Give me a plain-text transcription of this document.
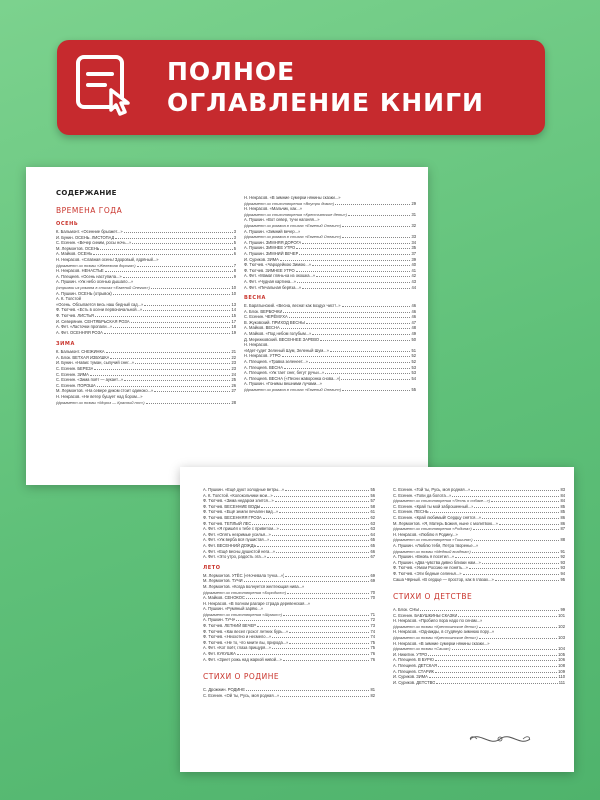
ПОЛНОЕ
ОГЛАВЛЕНИЕ КНИГИ
СОДЕРЖАНИЕ
ВРЕМЕНА ГОДА
ОСЕНЬ
К. Бальмонт. «Осенние брызжет...»	3
И. Бунин. ОСЕНЬ. ЛИСТОПАД	3
С. Есенин. «Вечер синим, росы ночь...»	5
М. Лермонтов. ОСЕНЬ	5
А. Майков. ОСЕНЬ	6
Н. Некрасов. «Славная осень! Здоровый, ядрёный...»
(фрагмент из поэмы «Железная дорога»)	7
Н. Некрасов. НЕНАСТЬЕ	8
А. Плещеев. «Осень наступила...»	9
А. Пушкин. «Уж небо осенью дышало...»
(отрывок из романа в стихах «Евгений Онегин»)	10
А. Пушкин. ОСЕНЬ (отрывок)	10
А. К. Толстой
«Осень. Обсыпается весь наш бедный сад...»	13
Ф. Тютчев. «Есть в осени первоначальной...»	14
Ф. Тютчев. ЛИСТЬЯ	15
И. Северянин. СЕНТЯБРЬСКАЯ РОЗА	17
А. Фет. «Ласточки пропали...»	18
А. Фет. ОСЕННЯЯ РОЗА	19
ЗИМА
К. Бальмонт. СНЕЖИНКА	21
А. Блок. ВЕТХАЯ ИЗБУШКА	22
И. Бунин. «Навис туман, сыпучий снег...»	23
С. Есенин. БЕРЕЗА	23
С. Есенин. ЗИМА	24
С. Есенин. «Зима поёт — аукает...»	25
С. Есенин. ПОРОША	26
М. Лермонтов. «На севере диком стоит одиноко...»	27
Н. Некрасов. «Не ветер бушует над бором...»
(фрагмент из поэмы «Мороз — Красный нос»)	28
Н. Некрасов. «В зимние сумерки нянины сказки...»
(фрагмент из стихотворения «Внутри дома»)	29
Н. Некрасов. «Мальчик, как...»
(фрагмент из стихотворения «Крестьянские дети»)	31
А. Пушкин. «Вот север, тучи нагоняя...»
(фрагмент из романа в стихах «Евгений Онегин»)	32
А. Пушкин. «Зимний вечер...»
(фрагмент из романа в стихах «Евгений Онегин»)	33
А. Пушкин. ЗИМНЯЯ ДОРОГА	34
А. Пушкин. ЗИМНЕЕ УТРО	35
А. Пушкин. ЗИМНИЙ ВЕЧЕР	37
И. Суриков. ЗИМА	39
Ф. Тютчев. «Чародейкою Зимою...»	40
Ф. Тютчев. ЗИМНЕЕ УТРО	41
А. Фет. «Мама! глянь-ка из окошка...»	42
А. Фет. «Чудная картина...»	43
А. Фет. «Печальная берёза...»	44
ВЕСНА
Е. Баратынский. «Весна, весна! как воздух чист!..»	46
А. Блок. ВЕРБОЧКИ	46
С. Есенин. ЧЕРЁМУХА	46
В. Жуковский. ПРИХОД ВЕСНЫ	47
А. Майков. ВЕСНА	48
А. Майков. «Под небом голубым...»	49
Д. Мережковский. ВЕСЕННЕЕ ЗАРЕВО	50
Н. Некрасов.
«Идет-гудет Зеленый Шум, Зеленый Шум...»	51
Н. Некрасов. УТРО	52
А. Плещеев. «Травка зеленеет...»	52
А. Плещеев. ВЕСНА	53
А. Плещеев. «Уж тает снег, бегут ручьи...»	53
А. Плещеев. ВЕСНА («Песни жаворонка снова...»)	54
А. Пушкин. «Гонимы вешними лучами...»
(фрагмент из романа в стихах «Евгений Онегин»)	55
А. Пушкин. «Ещё дуют холодные ветры...»	55
А. К. Толстой. «Колокольчики мои...»	56
Ф. Тютчев. «Зима недаром злится...»	57
Ф. Тютчев. ВЕСЕННИЕ ВОДЫ	58
Ф. Тютчев. «Ещё земли печален вид...»	61
Ф. Тютчев. ВЕСЕННЯЯ ГРОЗА	62
Ф. Тютчев. ТЕПЛЫЙ ЛЕС	63
А. Фет. «Я пришёл к тебе с приветом...»	63
А. Фет. «Опять незримые усилья...»	64
А. Фет. «Уж верба вся пушистая...»	65
А. Фет. ВЕСЕННИЙ ДОЖДЬ	65
А. Фет. «Ещё весны душистой нега...»	66
А. Фет. «Это утро, радость эта...»	67
ЛЕТО
М. Лермонтов. УТЁС («Ночевала тучка...»)	69
М. Лермонтов. ТУЧИ	69
М. Лермонтов. «Когда волнуется желтеющая нива...»
(фрагмент из стихотворения «Бородино»)	70
А. Майков. СЕНОКОС	70
Н. Некрасов. «В полном разгаре страда деревенская...»
А. Пушкин. «Румяный зарёю...»
(фрагмент из стихотворения «Шумит»)	71
А. Пушкин. ТУЧА	72
Ф. Тютчев. ЛЕТНИЙ ВЕЧЕР	73
Ф. Тютчев. «Как весел грохот летних бурь...»	74
Ф. Тютчев. «Неохотно и несмело...»	74
Ф. Тютчев. «Не то, что мните вы, природа...»	75
А. Фет. «Кот поёт, глаза прищуря...»	75
А. Фет. КУКУШКА	76
А. Фет. «Зреет рожь над жаркой нивой...»	76
СТИХИ О РОДИНЕ
С. Дрожжин. РОДИНЕ	81
С. Есенин. «Ой ты, Русь, моя родная...»	82
С. Есенин. «Гой ты, Русь, моя родная...»	83
С. Есенин. «Топи да болота...»	84
(фрагмент из стихотворения «Песнь о собаке...»)	84
С. Есенин. «Край ты мой заброшенный...»	85
С. Есенин. ПЕСНЬ	85
С. Есенин. «Край любимый! Сердцу снятся...»	86
М. Лермонтов. «Я, Матерь Божия, ныне с молитвою...»	86
(фрагмент из стихотворения «Родина»)	87
Н. Некрасов. «Люблю я Родину...»
(фрагмент из стихотворения «Тишина»)	88
А. Пушкин. «Люблю тебя, Петра творенье...»
(фрагмент из поэмы «Медный всадник»)	91
А. Пушкин. «Вновь я посетил...»	92
А. Пушкин. «Два чувства дивно близки нам...»	93
Ф. Тютчев. «Умом Россию не понять...»	93
Ф. Тютчев. «Эти бедные селенья...»	94
Саша Чёрный. «В сердце — простор, как в глазах...»	95
СТИХИ О ДЕТСТВЕ
А. Блок. СНЫ	99
С. Есенин. БАБУШКИНЫ СКАЗКИ	101
Н. Некрасов. «Пробило пора надо по сенам...»
(фрагмент из поэмы «Крестьянские дети»)	102
Н. Некрасов. «Однажды, в студёную зимнюю пору...»
(фрагмент из поэмы «Крестьянские дети»)	103
Н. Некрасов. «В зимние сумерки нянины сказки...»
(фрагмент из поэмы «Саша»)	104
И. Никитин. УТРО	105
А. Плещеев. В БУРЮ	106
А. Плещеев. ДЕТСКАЯ	108
А. Плещеев. СТАРИК	109
И. Суриков. ЗИМА	110
И. Суриков. ДЕТСТВО	111
